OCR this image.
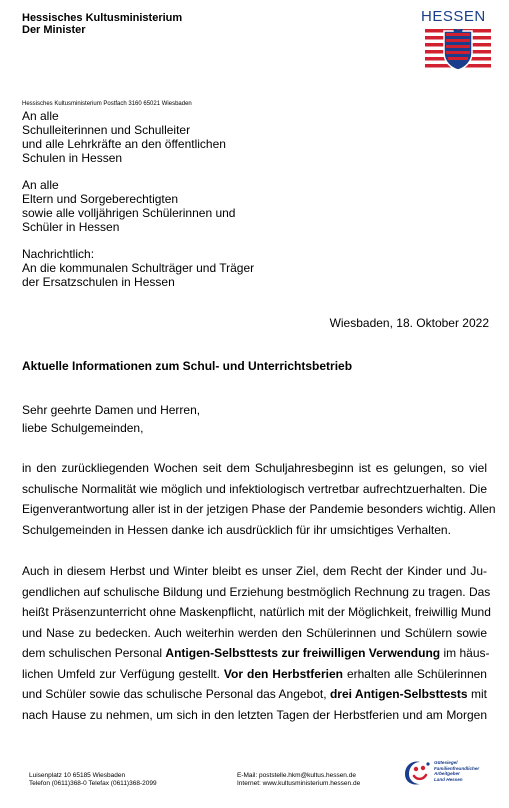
Hessisches Kultusministerium
Der Minister
HESSEN
Hessisches Kultusministerium Postfach 3160 65021 Wiesbaden
An alle
Schulleiterinnen und Schulleiter
und alle Lehrkräfte an den öffentlichen
Schulen in Hessen
An alle
Eltern und Sorgeberechtigten
sowie alle volljährigen Schülerinnen und
Schüler in Hessen
Nachrichtlich:
An die kommunalen Schulträger und Träger
der Ersatzschulen in Hessen
Wiesbaden, 18. Oktober 2022
Aktuelle Informationen zum Schul- und Unterrichtsbetrieb
Sehr geehrte Damen und Herren,
liebe Schulgemeinden,
in den zurückliegenden Wochen seit dem Schuljahresbeginn ist es gelungen, so viel
schulische Normalität wie möglich und infektiologisch vertretbar aufrechtzuerhalten. Die
Eigenverantwortung aller ist in der jetzigen Phase der Pandemie besonders wichtig. Allen
Schulgemeinden in Hessen danke ich ausdrücklich für ihr umsichtiges Verhalten.
Auch in diesem Herbst und Winter bleibt es unser Ziel, dem Recht der Kinder und Ju-
gendlichen auf schulische Bildung und Erziehung bestmöglich Rechnung zu tragen. Das
heißt Präsenzunterricht ohne Maskenpflicht, natürlich mit der Möglichkeit, freiwillig Mund
und Nase zu bedecken. Auch weiterhin werden den Schülerinnen und Schülern sowie
dem schulischen Personal Antigen-Selbsttests zur freiwilligen Verwendung im häus-
lichen Umfeld zur Verfügung gestellt. Vor den Herbstferien erhalten alle Schülerinnen
und Schüler sowie das schulische Personal das Angebot, drei Antigen-Selbsttests mit
nach Hause zu nehmen, um sich in den letzten Tagen der Herbstferien und am Morgen
Luisenplatz 10 65185 Wiesbaden
Telefon (0611)368-0 Telefax (0611)368-2099
E-Mail: poststelle.hkm@kultus.hessen.de
Internet: www.kultusministerium.hessen.de
Gütesiegel
Familienfreundlicher
Arbeitgeber
Land Hessen
